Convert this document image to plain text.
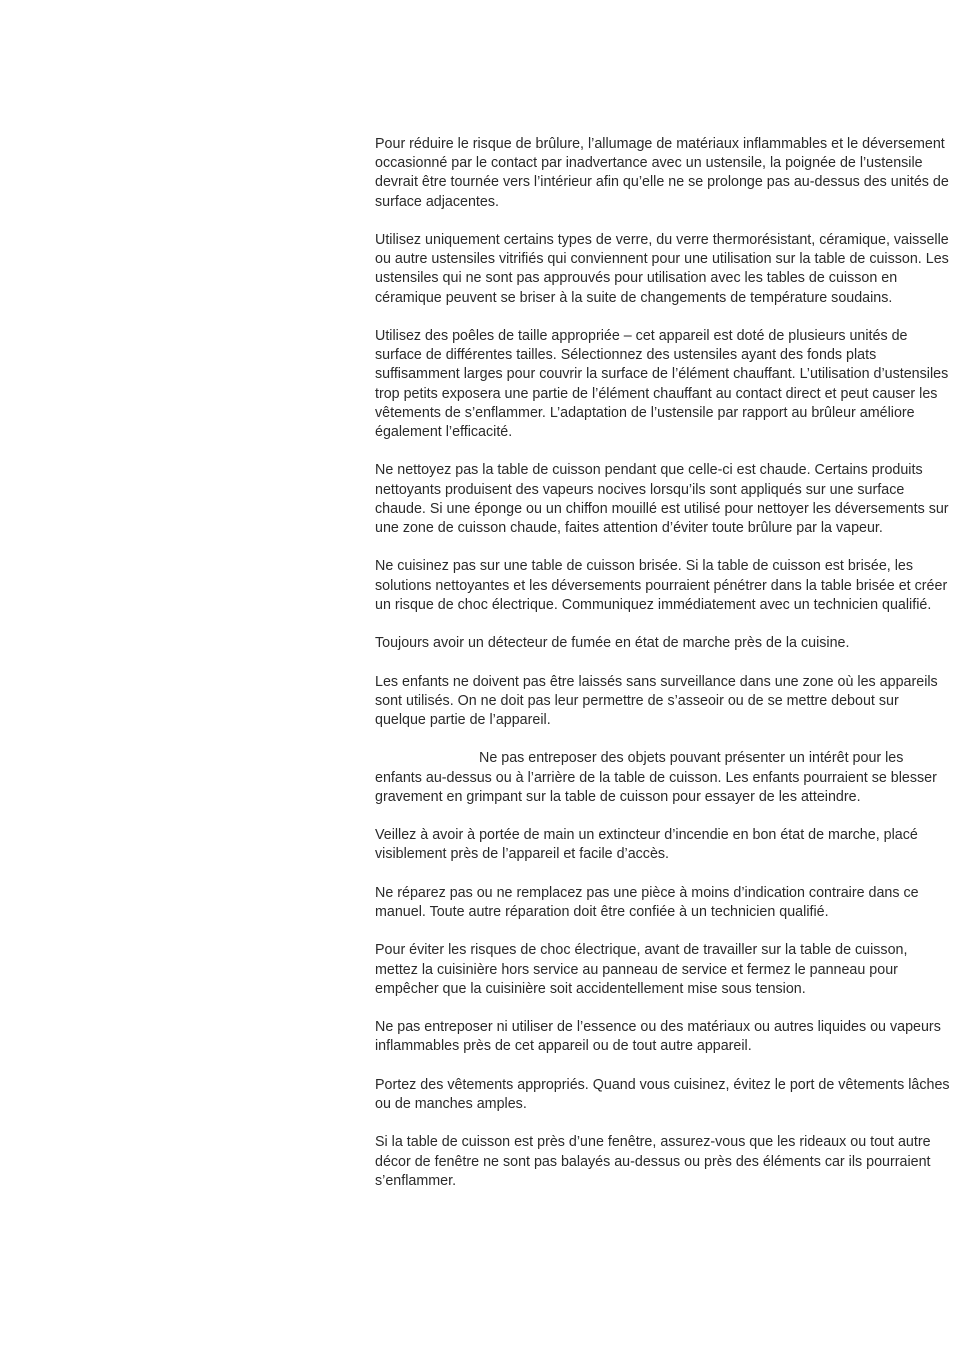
Pour réduire le risque de brûlure, l’allumage de matériaux inflammables et le déversement occasionné par le contact par inadvertance avec un ustensile, la poignée de l’ustensile devrait être tournée vers l’intérieur afin qu’elle ne se prolonge pas au-dessus des unités de surface adjacentes.

Utilisez uniquement certains types de verre, du verre thermorésistant, céramique, vaisselle ou autre ustensiles vitrifiés qui conviennent pour une utilisation sur la table de cuisson. Les ustensiles qui ne sont pas approuvés pour utilisation avec les tables de cuisson en céramique peuvent se briser à la suite de changements de température soudains.

Utilisez des poêles de taille appropriée – cet appareil est doté de plusieurs unités de surface de différentes tailles. Sélectionnez des ustensiles ayant des fonds plats suffisamment larges pour couvrir la surface de l’élément chauffant. L’utilisation d’ustensiles trop petits exposera une partie de l’élément chauffant au contact direct et peut causer les vêtements de s’enflammer. L’adaptation de l’ustensile par rapport au brûleur améliore également l’efficacité.

Ne nettoyez pas la table de cuisson pendant que celle-ci est chaude. Certains produits nettoyants produisent des vapeurs nocives lorsqu’ils sont appliqués sur une surface chaude. Si une éponge ou un chiffon mouillé est utilisé pour nettoyer les déversements sur une zone de cuisson chaude, faites attention d’éviter toute brûlure par la vapeur.

Ne cuisinez pas sur une table de cuisson brisée. Si la table de cuisson est brisée, les solutions nettoyantes et les déversements pourraient pénétrer dans la table brisée et créer un risque de choc électrique. Communiquez immédiatement avec un technicien qualifié.

Toujours avoir un détecteur de fumée en état de marche près de la cuisine.

Les enfants ne doivent pas être laissés sans surveillance dans une zone où les appareils sont utilisés. On ne doit pas leur permettre de s’asseoir ou de se mettre debout sur quelque partie de l’appareil.

Ne pas entreposer des objets pouvant présenter un intérêt pour les enfants au-dessus ou à l’arrière de la table de cuisson. Les enfants pourraient se blesser gravement en grimpant sur la table de cuisson pour essayer de les atteindre.

Veillez à avoir à portée de main un extincteur d’incendie en bon état de marche, placé visiblement près de l’appareil et facile d’accès.

Ne réparez pas ou ne remplacez pas une pièce à moins d’indication contraire dans ce manuel. Toute autre réparation doit être confiée à un technicien qualifié.

Pour éviter les risques de choc électrique, avant de travailler sur la table de cuisson, mettez la cuisinière hors service au panneau de service et fermez le panneau pour empêcher que la cuisinière soit accidentellement mise sous tension.

Ne pas entreposer ni utiliser de l’essence ou des matériaux ou autres liquides ou vapeurs inflammables près de cet appareil ou de tout autre appareil.

Portez des vêtements appropriés. Quand vous cuisinez, évitez le port de vêtements lâches ou de manches amples.

Si la table de cuisson est près d’une fenêtre, assurez-vous que les rideaux ou tout autre décor de fenêtre ne sont pas balayés au-dessus ou près des éléments car ils pourraient s’enflammer.
